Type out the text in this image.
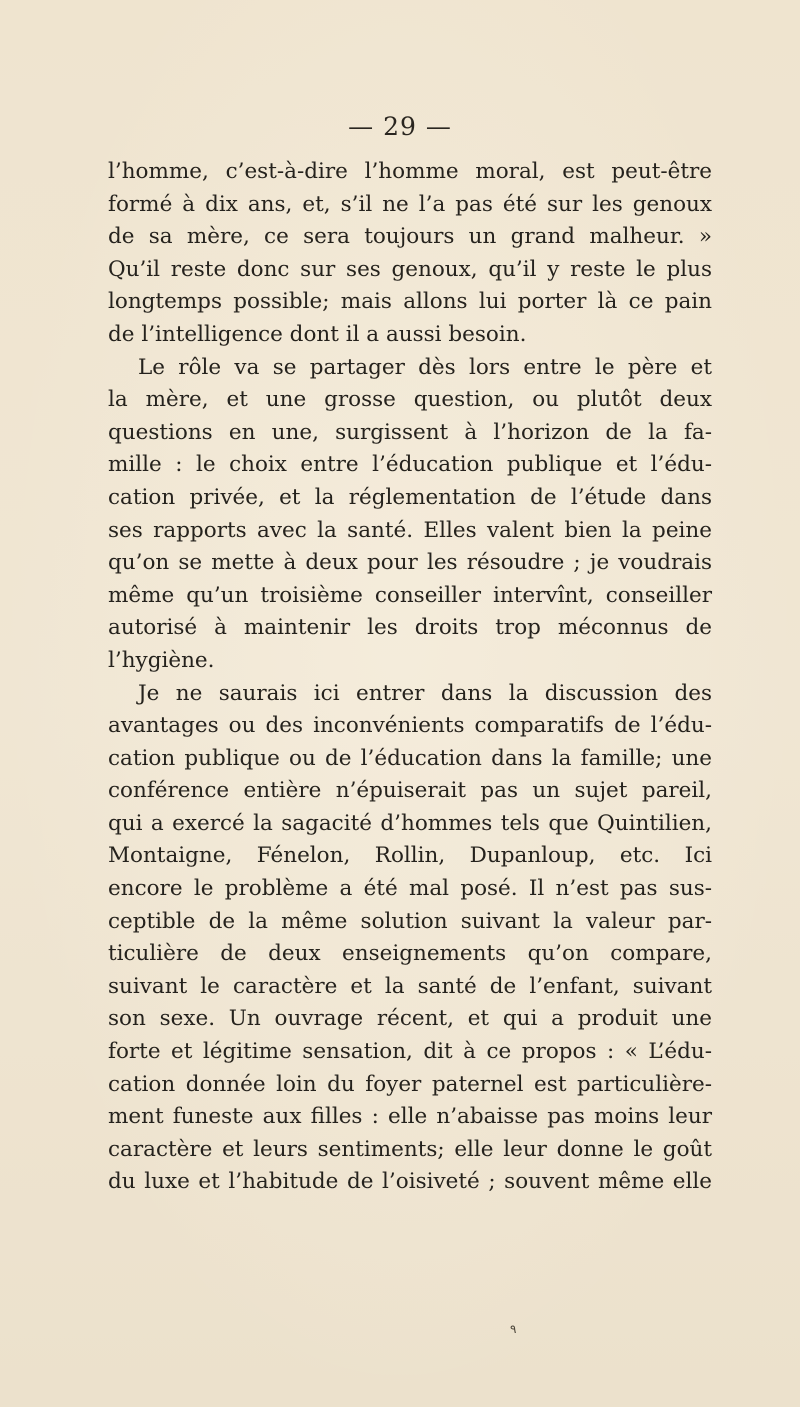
— 29 —
l’homme, c’est-à-dire l’homme moral, est peut-être
formé à dix ans, et, s’il ne l’a pas été sur les genoux
de sa mère, ce sera toujours un grand malheur. »
Qu’il reste donc sur ses genoux, qu’il y reste le plus
longtemps possible; mais allons lui porter là ce pain
de l’intelligence dont il a aussi besoin.
Le rôle va se partager dès lors entre le père et
la mère, et une grosse question, ou plutôt deux
questions en une, surgissent à l’horizon de la fa-
mille : le choix entre l’éducation publique et l’édu-
cation privée, et la réglementation de l’étude dans
ses rapports avec la santé. Elles valent bien la peine
qu’on se mette à deux pour les résoudre ; je voudrais
même qu’un troisième conseiller intervînt, conseiller
autorisé à maintenir les droits trop méconnus de
l’hygiène.
Je ne saurais ici entrer dans la discussion des
avantages ou des inconvénients comparatifs de l’édu-
cation publique ou de l’éducation dans la famille; une
conférence entière n’épuiserait pas un sujet pareil,
qui a exercé la sagacité d’hommes tels que Quintilien,
Montaigne, Fénelon, Rollin, Dupanloup, etc. Ici
encore le problème a été mal posé. Il n’est pas sus-
ceptible de la même solution suivant la valeur par-
ticulière de deux enseignements qu’on compare,
suivant le caractère et la santé de l’enfant, suivant
son sexe. Un ouvrage récent, et qui a produit une
forte et légitime sensation, dit à ce propos : « L’édu-
cation donnée loin du foyer paternel est particulière-
ment funeste aux filles : elle n’abaisse pas moins leur
caractère et leurs sentiments; elle leur donne le goût
du luxe et l’habitude de l’oisiveté ; souvent même elle
٩
